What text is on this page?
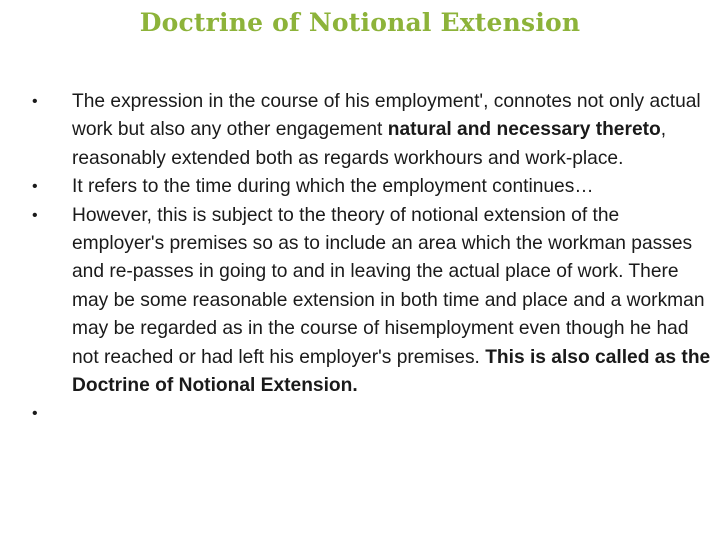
Doctrine of Notional Extension
• The expression in the course of his employment', connotes not only actual work but also any other engagement natural and necessary thereto, reasonably extended both as regards workhours and work-place.
• It refers to the time during which the employment continues…
• However, this is subject to the theory of notional extension of the employer's premises so as to include an area which the workman passes and re-passes in going to and in leaving the actual place of work. There may be some reasonable extension in both time and place and a workman may be regarded as in the course of hisemployment even though he had not reached or had left his employer's premises. This is also called as the Doctrine of Notional Extension.
•
